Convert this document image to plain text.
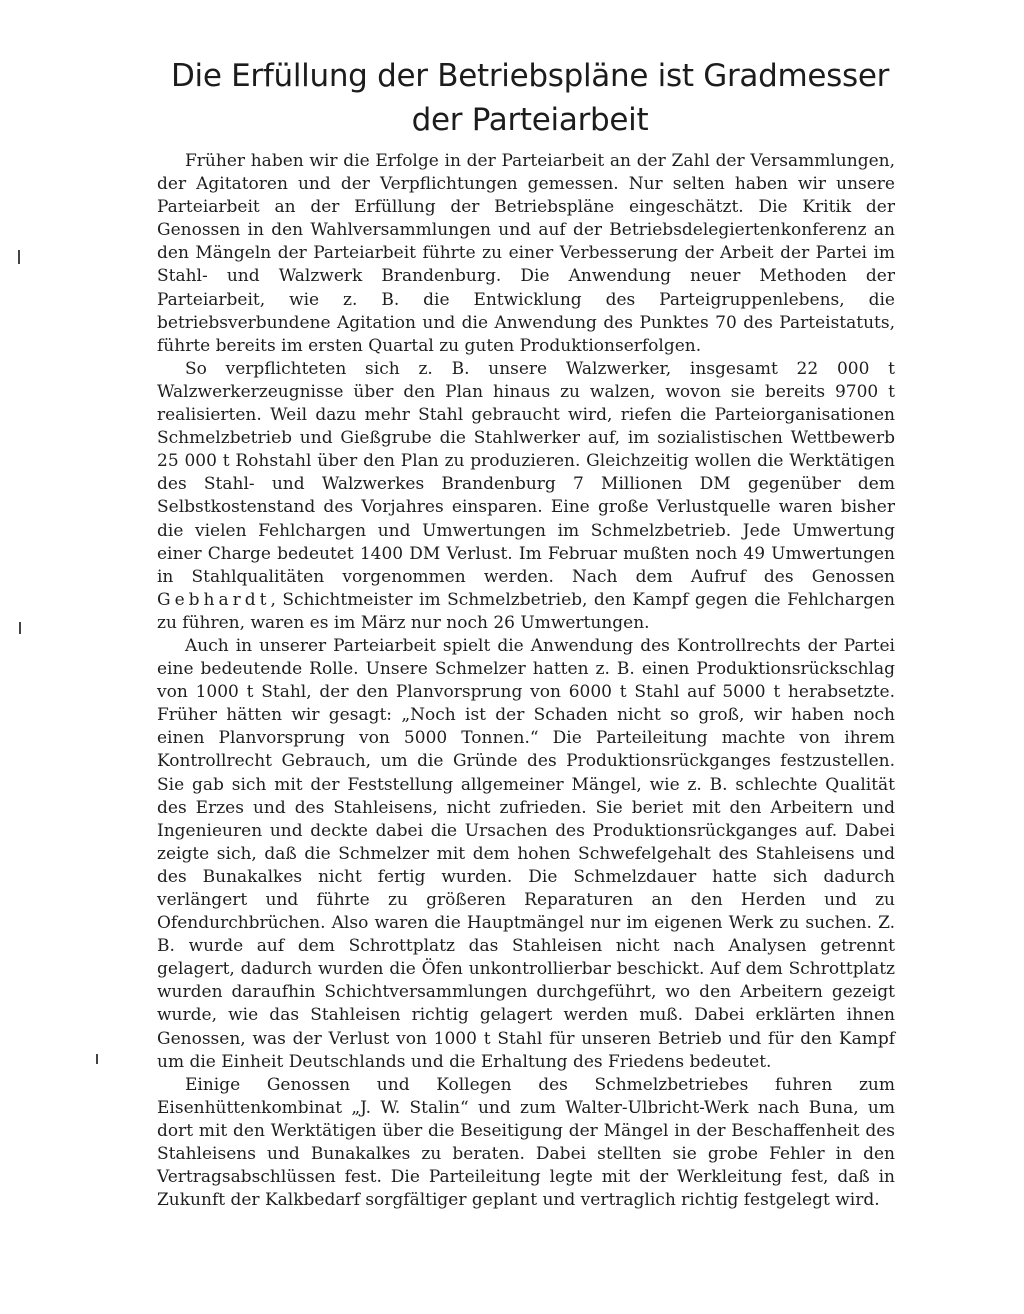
Die Erfüllung der Betriebspläne ist Gradmesser
der Parteiarbeit

Früher haben wir die Erfolge in der Parteiarbeit an der Zahl der Versammlungen, der Agitatoren und der Verpflichtungen gemessen. Nur selten haben wir unsere Parteiarbeit an der Erfüllung der Betriebspläne eingeschätzt. Die Kritik der Genossen in den Wahlversammlungen und auf der Betriebsdelegiertenkonferenz an den Mängeln der Parteiarbeit führte zu einer Verbesserung der Arbeit der Partei im Stahl- und Walzwerk Brandenburg. Die Anwendung neuer Methoden der Parteiarbeit, wie z. B. die Entwicklung des Parteigruppenlebens, die betriebsverbundene Agitation und die Anwendung des Punktes 70 des Parteistatuts, führte bereits im ersten Quartal zu guten Produktionserfolgen.

So verpflichteten sich z. B. unsere Walzwerker, insgesamt 22 000 t Walzwerkerzeugnisse über den Plan hinaus zu walzen, wovon sie bereits 9700 t realisierten. Weil dazu mehr Stahl gebraucht wird, riefen die Parteiorganisationen Schmelzbetrieb und Gießgrube die Stahlwerker auf, im sozialistischen Wettbewerb 25 000 t Rohstahl über den Plan zu produzieren. Gleichzeitig wollen die Werktätigen des Stahl- und Walzwerkes Brandenburg 7 Millionen DM gegenüber dem Selbstkostenstand des Vorjahres einsparen. Eine große Verlustquelle waren bisher die vielen Fehlchargen und Umwertungen im Schmelzbetrieb. Jede Umwertung einer Charge bedeutet 1400 DM Verlust. Im Februar mußten noch 49 Umwertungen in Stahlqualitäten vorgenommen werden. Nach dem Aufruf des Genossen Gebhardt, Schichtmeister im Schmelzbetrieb, den Kampf gegen die Fehlchargen zu führen, waren es im März nur noch 26 Umwertungen.

Auch in unserer Parteiarbeit spielt die Anwendung des Kontrollrechts der Partei eine bedeutende Rolle. Unsere Schmelzer hatten z. B. einen Produktionsrückschlag von 1000 t Stahl, der den Planvorsprung von 6000 t Stahl auf 5000 t herabsetzte. Früher hätten wir gesagt: „Noch ist der Schaden nicht so groß, wir haben noch einen Planvorsprung von 5000 Tonnen.“ Die Parteileitung machte von ihrem Kontrollrecht Gebrauch, um die Gründe des Produktionsrückganges festzustellen. Sie gab sich mit der Feststellung allgemeiner Mängel, wie z. B. schlechte Qualität des Erzes und des Stahleisens, nicht zufrieden. Sie beriet mit den Arbeitern und Ingenieuren und deckte dabei die Ursachen des Produktionsrückganges auf. Dabei zeigte sich, daß die Schmelzer mit dem hohen Schwefelgehalt des Stahleisens und des Bunakalkes nicht fertig wurden. Die Schmelzdauer hatte sich dadurch verlängert und führte zu größeren Reparaturen an den Herden und zu Ofendurchbrüchen. Also waren die Hauptmängel nur im eigenen Werk zu suchen. Z. B. wurde auf dem Schrottplatz das Stahleisen nicht nach Analysen getrennt gelagert, dadurch wurden die Öfen unkontrollierbar beschickt. Auf dem Schrottplatz wurden daraufhin Schichtversammlungen durchgeführt, wo den Arbeitern gezeigt wurde, wie das Stahleisen richtig gelagert werden muß. Dabei erklärten ihnen Genossen, was der Verlust von 1000 t Stahl für unseren Betrieb und für den Kampf um die Einheit Deutschlands und die Erhaltung des Friedens bedeutet.

Einige Genossen und Kollegen des Schmelzbetriebes fuhren zum Eisenhüttenkombinat „J. W. Stalin“ und zum Walter-Ulbricht-Werk nach Buna, um dort mit den Werktätigen über die Beseitigung der Mängel in der Beschaffenheit des Stahleisens und Bunakalkes zu beraten. Dabei stellten sie grobe Fehler in den Vertragsabschlüssen fest. Die Parteileitung legte mit der Werkleitung fest, daß in Zukunft der Kalkbedarf sorgfältiger geplant und vertraglich richtig festgelegt wird.
